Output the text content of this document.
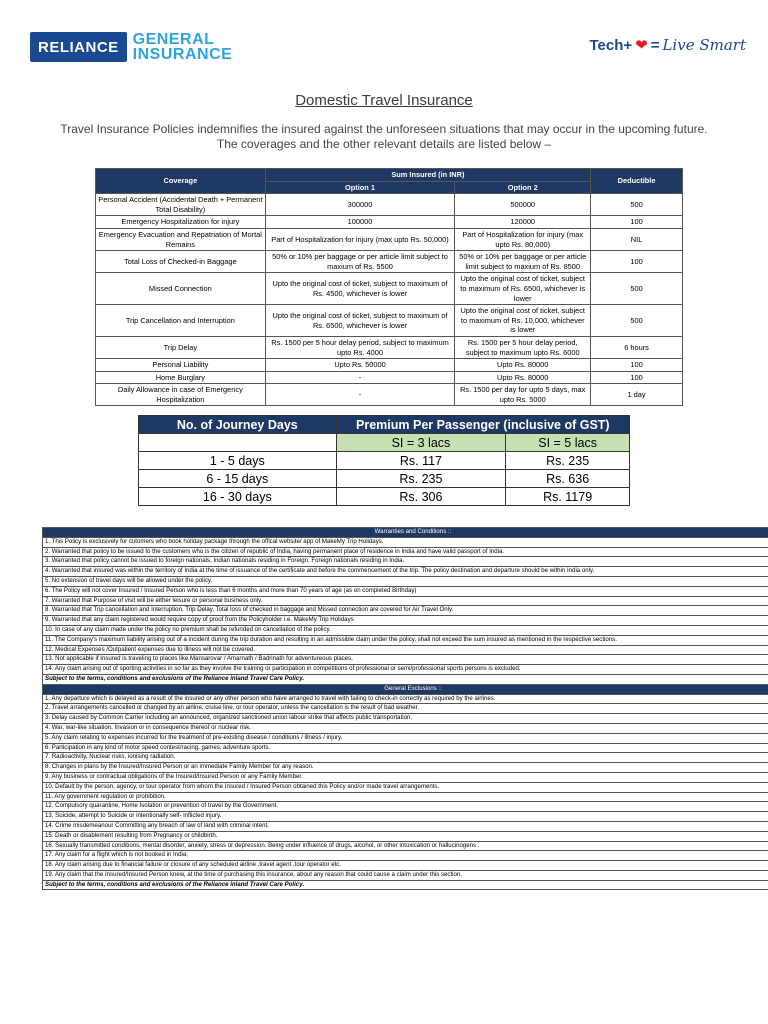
RELIANCE GENERAL
INSURANCE
Tech+ ❤ = Live Smart
Domestic Travel Insurance
Travel Insurance Policies indemnifies the insured against the unforeseen situations that may occur in the upcoming future.
The coverages and the other relevant details are listed below –
Coverage	Sum Insured (in INR)		Deductible
	Option 1	Option 2	
Personal Accident (Accidental Death + Permanent Total Disability)	300000	500000	500
Emergency Hospitalization for injury	100000	120000	100
Emergency Evacuation and Repatriation of Mortal Remains	Part of Hospitalization for injury (max upto Rs. 50,000)	Part of Hospitalization for injury (max upto Rs. 80,000)	NIL
Total Loss of Checked-in Baggage	50% or 10% per baggage or per article limit subject to maxium of Rs. 5500	50% or 10% per baggage or per article limit subject to maxium of Rs. 8500	100
Missed Connection	Upto the original cost of ticket, subject to maximum of Rs. 4500, whichever is lower	Upto the original cost of ticket, subject to maximum of Rs. 6500, whichever is lower	500
Trip Cancellation and Interruption	Upto the original cost of ticket, subject to maximum of Rs. 6500, whichever is lower	Upto the original cost of ticket, subject to maximum of Rs. 10,000, whichever is lower	500
Trip Delay	Rs. 1500 per 5 hour delay period, subject to maximum upto Rs. 4000	Rs. 1500 per 5 hour delay period, subject to maximum upto Rs. 6000	6 hours
Personal Liability	Upto Rs. 50000	Upto Rs. 80000	100
Home Burglary	-	Upto Rs. 80000	100
Daily Allowance in case of Emergency Hospitalization	-	Rs. 1500 per day for upto 5 days, max upto Rs. 5000	1 day
No. of Journey Days	Premium Per Passenger (inclusive of GST)	
	SI = 3 lacs	SI = 5 lacs
1 - 5 days	Rs. 117	Rs. 235
6 - 15 days	Rs. 235	Rs. 636
16 - 30 days	Rs. 306	Rs. 1179
Warranties and Conditions ::
1. This Policy is exclusively for cutomers who book holiday package through the offical website/ app of MakeMy Trip Holidays.
2. Warranted that policy to be issued to the customers who is the citizen of republic of India, having permanent place of residence in India and have valid passport of India.
3. Warranted that policy cannot be issued to foreign nationals, Indian nationals residing in Foreign, Foreign nationals residing in India.
4. Warranted that insured was within the territory of India at the time of issuance of the certificate and before the commencement of the trip. The policy destination and departure should be within India only.
5. No extension of travel days will be allowed under the policy.
6. The Policy will not cover Insured / Insured Person who is less than 6 months and more than 70 years of age (as on completed Birthday)
7. Warranted that Purpose of visit will be either leisure or personal business only.
8. Warranted that Trip cancellation and Interruption, Trip Delay, Total loss of checked in baggage and Missed connection are covered for Air Travel Only.
9. Warranted that any claim registered would require copy of proof from the Policyholder i.e. MakeMy Trip Holidays
10. In case of any claim made under the policy no premium shall be refunded on cancellation of the policy.
11. The Company's maximum liability arising out of a incident during the trip duration and resulting in an admissible claim under the policy, shall not exceed the sum insured as mentioned in the respective sections.
12. Medical Expenses /Outpatient expenses due to illness will not be covered.
13. Not applicable if Insured is traveling to places like Mansarovar / Amarnath / Badrinath for adventureous places.
14. Any claim arising out of sporting activities in so far as they involve the training or participation in competitions of professional or semi/professional sports persons is excluded.
Subject to the terms, conditions and exclusions of the Reliance inland Travel Care Policy.
General Exclusions ::
1. Any departure which is delayed as a result of the insured or any other person who have arranged to travel with failing to check-in correctly as required by the airlines.
2. Travel arrangements cancelled or changed by an airline, cruise line, or tour operator, unless the cancellation is the result of bad weather.
3. Delay caused by Common Carrier including an announced, organized sanctioned union labour strike that affects public transportation.
4. War, war-like situation, Invasion or in consequence thereof or nuclear risk.
5. Any claim relating to expenses incurred for the treatment of pre-existing disease / conditions / illness / injury.
6. Participation in any kind of motor speed contest/racing, games, adventure sports.
7. Radioactivity, Nuclear risks, ionising radiation.
8. Changes in plans by the Insured/Insured Person or an immediate Family Member for any reason.
9. Any business or contractual obligations of the Insured/Insured Person or any Family Member.
10. Default by the person, agency, or tour operator from whom the Insured / Insured Person obtained this Policy and/or made travel arrangements.
11. Any government regulation or prohibition.
12. Compulsory quarantine, Home Isolation or prevention of travel by the Government.
13. Suicide, attempt to Suicide or intentionally self- inflicted injury.
14. Crime misdemeanour Committing any breach of law of land with criminal intent.
15. Death or disablement resulting from Pregnancy or childbirth.
16. Sexually transmitted conditions, mental disorder, anxiety, stress or depression. Being under influence of drugs, alcohol, or other intoxication or hallucinogens .
17. Any claim for a flight which is not booked in India;
18. Any claim arising due to financial failure or closure of any scheduled airline ,travel agent ,tour operator etc.
19. Any claim that the Insured/Insured Person knew, at the time of purchasing this insurance, about any reason that could cause a claim under this section.
Subject to the terms, conditions and exclusions of the Reliance inland Travel Care Policy.
